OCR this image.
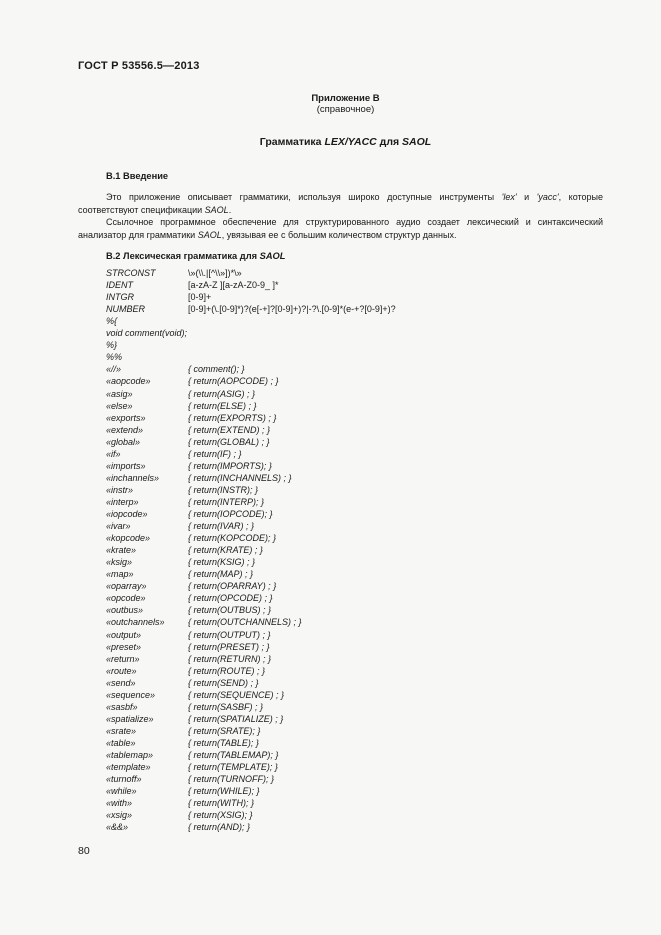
ГОСТ Р 53556.5—2013
Приложение В
(справочное)
Грамматика LEX/YACC для SAOL
В.1 Введение
Это приложение описывает грамматики, используя широко доступные инструменты 'lex' и 'yacc', которые соответствуют спецификации SAOL.
Ссылочное программное обеспечение для структурированного аудио создает лексический и синтаксический анализатор для грамматики SAOL, увязывая ее с большим количеством структур данных.
В.2 Лексическая грамматика для SAOL
STRCONST	\»(\\.|[^\\»])*\»
IDENT	[a-zA-Z ][a-zA-Z0-9_ ]*
INTGR	[0-9]+
NUMBER	[0-9]+(\.[0-9]*)?(e[-+]?[0-9]+)?|-?\.[0-9]*(e-+?[0-9]+)?
%{
void comment(void);
%}
%%
«//»	{ comment(); }
«aopcode»	{ return(AOPCODE) ; }
«asig»	{ return(ASIG) ; }
«else»	{ return(ELSE) ; }
«exports»	{ return(EXPORTS) ; }
«extend»	{ return(EXTEND) ; }
«global»	{ return(GLOBAL) ; }
«if»	{ return(IF) ; }
«imports»	{ return(IMPORTS); }
«inchannels»	{ return(INCHANNELS) ; }
«instr»	{ return(INSTR); }
«interp»	{ return(INTERP); }
«iopcode»	{ return(IOPCODE); }
«ivar»	{ return(IVAR) ; }
«kopcode»	{ return(KOPCODE); }
«krate»	{ return(KRATE) ; }
«ksig»	{ return(KSIG) ; }
«map»	{ return(MAP) ; }
«oparray»	{ return(OPARRAY) ; }
«opcode»	{ return(OPCODE) ; }
«outbus»	{ return(OUTBUS) ; }
«outchannels»	{ return(OUTCHANNELS) ; }
«output»	{ return(OUTPUT) ; }
«preset»	{ return(PRESET) ; }
«return»	{ return(RETURN) ; }
«route»	{ return(ROUTE) ; }
«send»	{ return(SEND) ; }
«sequence»	{ return(SEQUENCE) ; }
«sasbf»	{ return(SASBF) ; }
«spatialize»	{ return(SPATIALIZE) ; }
«srate»	{ return(SRATE); }
«table»	{ return(TABLE); }
«tablemap»	{ return(TABLEMAP); }
«template»	{ return(TEMPLATE); }
«turnoff»	{ return(TURNOFF); }
«while»	{ return(WHILE); }
«with»	{ return(WITH); }
«xsig»	{ return(XSIG); }
«&&»	{ return(AND); }
80
